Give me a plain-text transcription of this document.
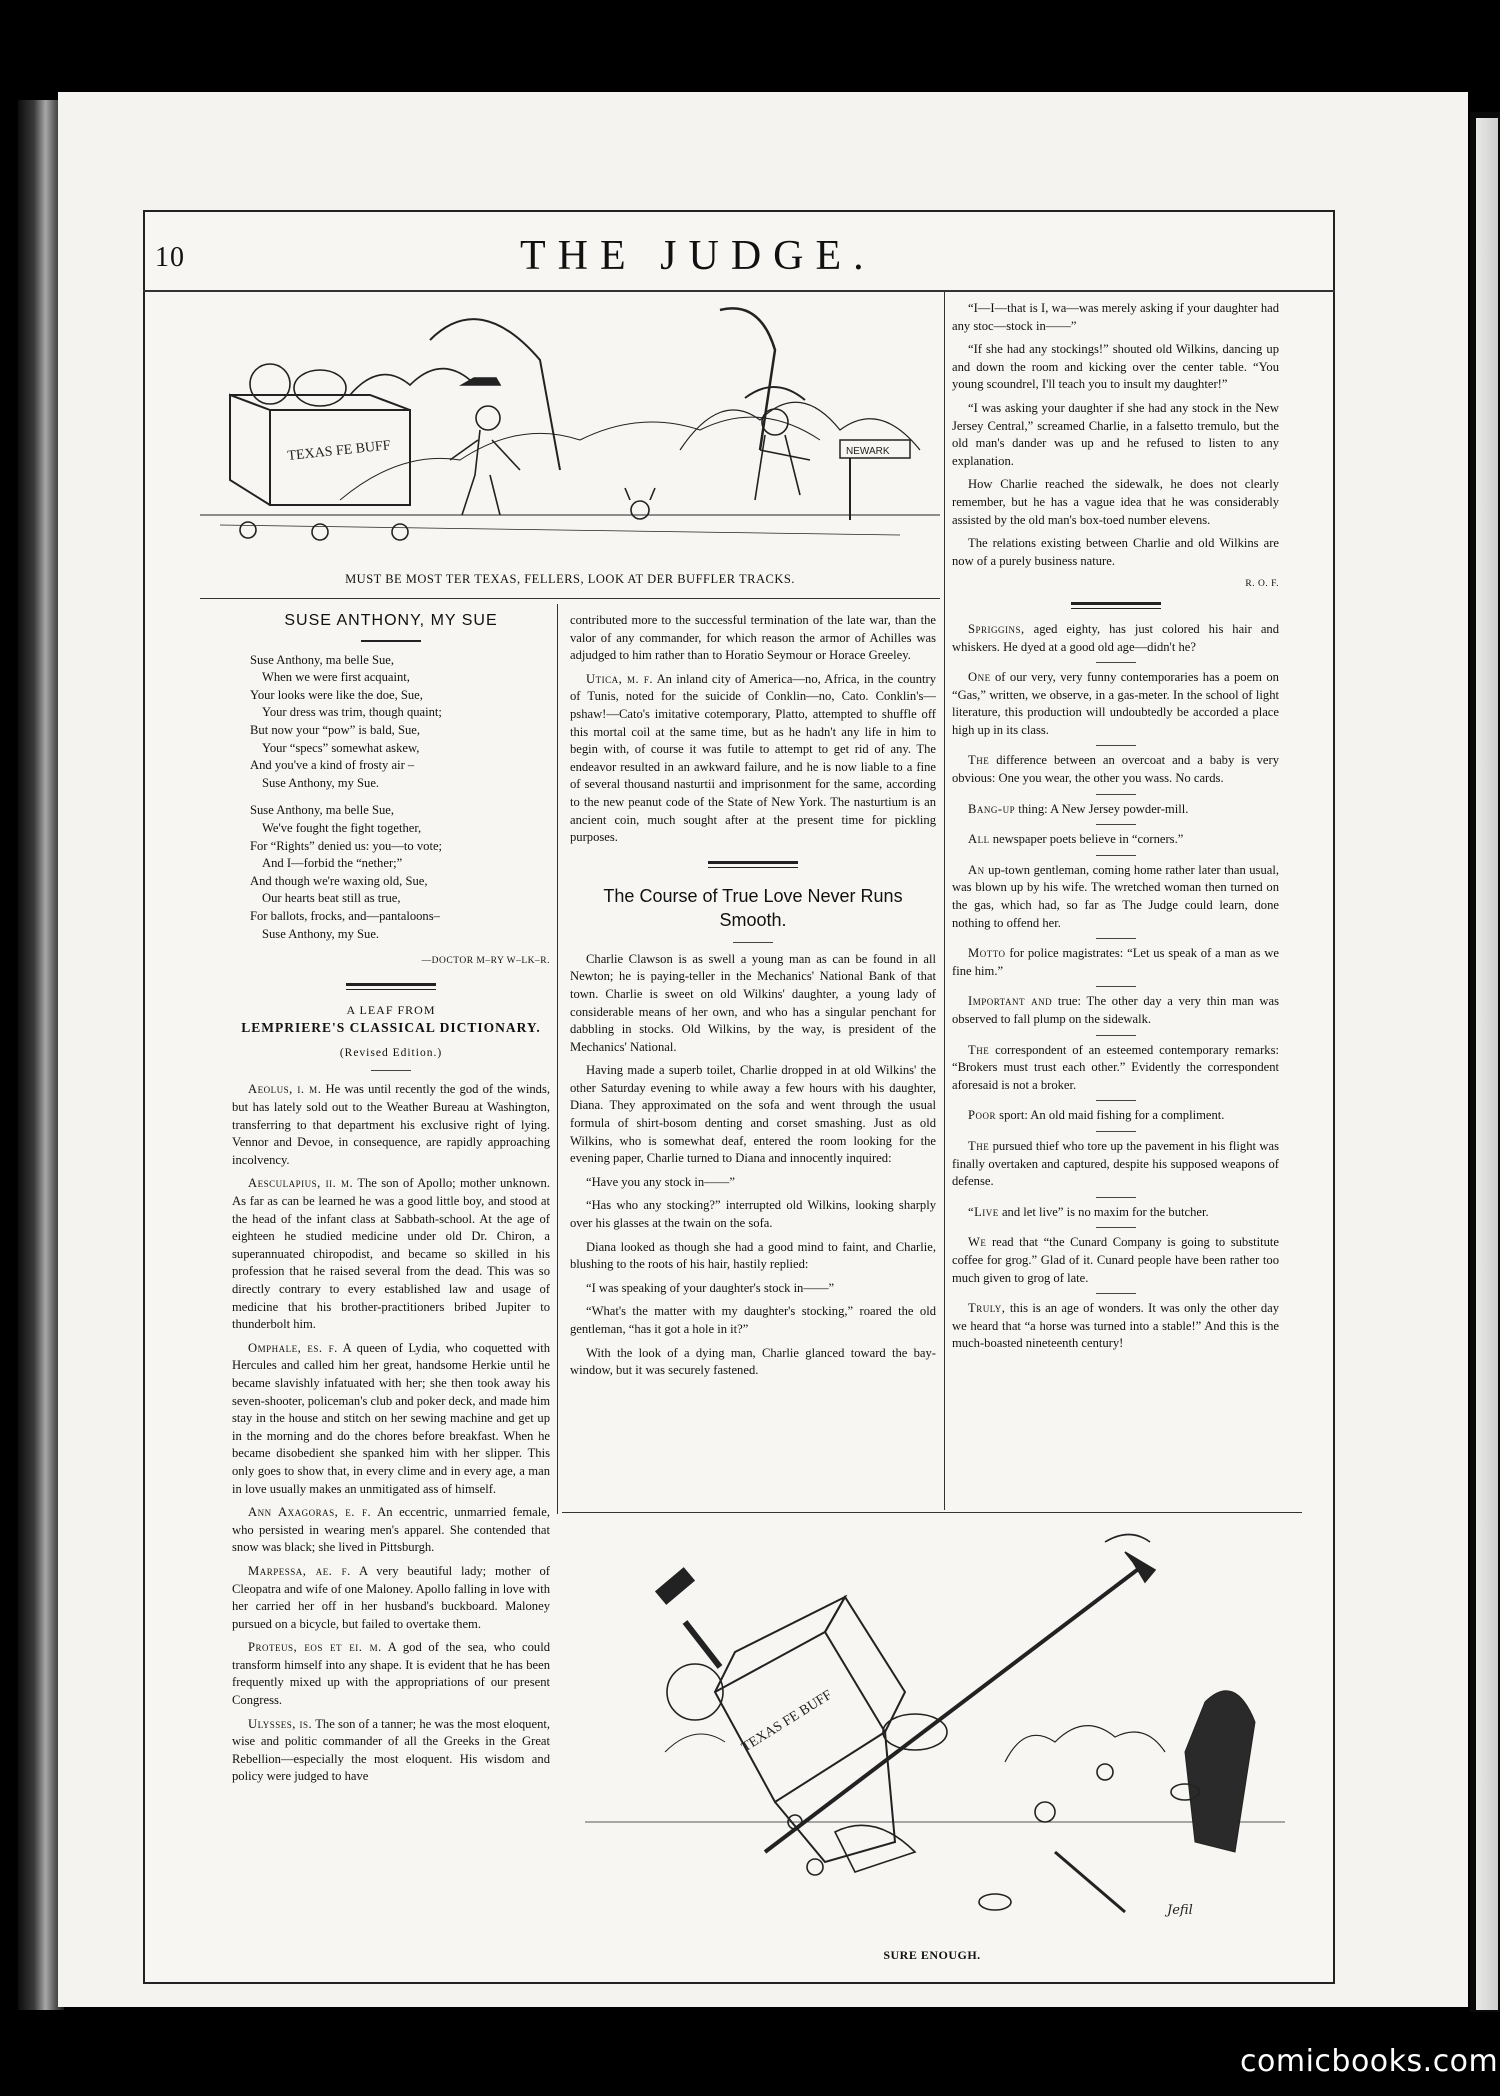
10	THE JUDGE.
TEXAS FE BUFF	NEWARK
MUST BE MOST TER TEXAS, FELLERS, LOOK AT DER BUFFLER TRACKS.
SUSE ANTHONY, MY SUE
Suse Anthony, ma belle Sue,
When we were first acquaint,
Your looks were like the doe, Sue,
Your dress was trim, though quaint;
But now your “pow” is bald, Sue,
Your “specs” somewhat askew,
And you've a kind of frosty air –
Suse Anthony, my Sue.
Suse Anthony, ma belle Sue,
We've fought the fight together,
For “Rights” denied us: you—to vote;
And I—forbid the “nether;”
And though we're waxing old, Sue,
Our hearts beat still as true,
For ballots, frocks, and—pantaloons–
Suse Anthony, my Sue.
—DOCTOR M–RY W–LK–R.
A LEAF FROM
LEMPRIERE'S CLASSICAL DICTIONARY.
(Revised Edition.)

Aeolus, i. m. He was until recently the god of the winds, but has lately sold out to the Weather Bureau at Washington, transferring to that department his exclusive right of lying. Vennor and Devoe, in consequence, are rapidly approaching incolvency.

Aesculapius, ii. m. The son of Apollo; mother unknown. As far as can be learned he was a good little boy, and stood at the head of the infant class at Sabbath-school. At the age of eighteen he studied medicine under old Dr. Chiron, a superannuated chiropodist, and became so skilled in his profession that he raised several from the dead. This was so directly contrary to every established law and usage of medicine that his brother-practitioners bribed Jupiter to thunderbolt him.

Omphale, es. f. A queen of Lydia, who coquetted with Hercules and called him her great, handsome Herkie until he became slavishly infatuated with her; she then took away his seven-shooter, policeman's club and poker deck, and made him stay in the house and stitch on her sewing machine and get up in the morning and do the chores before breakfast. When he became disobedient she spanked him with her slipper. This only goes to show that, in every clime and in every age, a man in love usually makes an unmitigated ass of himself.

Ann Axagoras, e. f. An eccentric, unmarried female, who persisted in wearing men's apparel. She contended that snow was black; she lived in Pittsburgh.

Marpessa, ae. f. A very beautiful lady; mother of Cleopatra and wife of one Maloney. Apollo falling in love with her carried her off in her husband's buckboard. Maloney pursued on a bicycle, but failed to overtake them.

Proteus, eos et ei. m. A god of the sea, who could transform himself into any shape. It is evident that he has been frequently mixed up with the appropriations of our present Congress.

Ulysses, is. The son of a tanner; he was the most eloquent, wise and politic commander of all the Greeks in the Great Rebellion—especially the most eloquent. His wisdom and policy were judged to have

contributed more to the successful termination of the late war, than the valor of any commander, for which reason the armor of Achilles was adjudged to him rather than to Horatio Seymour or Horace Greeley.

Utica, m. f. An inland city of America—no, Africa, in the country of Tunis, noted for the suicide of Conklin—no, Cato. Conklin's—pshaw!—Cato's imitative cotemporary, Platto, attempted to shuffle off this mortal coil at the same time, but as he hadn't any life in him to begin with, of course it was futile to attempt to get rid of any. The endeavor resulted in an awkward failure, and he is now liable to a fine of several thousand nasturtii and imprisonment for the same, according to the new peanut code of the State of New York. The nasturtium is an ancient coin, much sought after at the present time for pickling purposes.

The Course of True Love Never Runs Smooth.

Charlie Clawson is as swell a young man as can be found in all Newton; he is paying-teller in the Mechanics' National Bank of that town. Charlie is sweet on old Wilkins' daughter, a young lady of considerable means of her own, and who has a singular penchant for dabbling in stocks. Old Wilkins, by the way, is president of the Mechanics' National.

Having made a superb toilet, Charlie dropped in at old Wilkins' the other Saturday evening to while away a few hours with his daughter, Diana. They approximated on the sofa and went through the usual formula of shirt-bosom denting and corset smashing. Just as old Wilkins, who is somewhat deaf, entered the room looking for the evening paper, Charlie turned to Diana and innocently inquired:

“Have you any stock in——”

“Has who any stocking?” interrupted old Wilkins, looking sharply over his glasses at the twain on the sofa.

Diana looked as though she had a good mind to faint, and Charlie, blushing to the roots of his hair, hastily replied:

“I was speaking of your daughter's stock in——”

“What's the matter with my daughter's stocking,” roared the old gentleman, “has it got a hole in it?”

With the look of a dying man, Charlie glanced toward the bay-window, but it was securely fastened.

“I—I—that is I, wa—was merely asking if your daughter had any stoc—stock in——”

“If she had any stockings!” shouted old Wilkins, dancing up and down the room and kicking over the center table. “You young scoundrel, I'll teach you to insult my daughter!”

“I was asking your daughter if she had any stock in the New Jersey Central,” screamed Charlie, in a falsetto tremulo, but the old man's dander was up and he refused to listen to any explanation.

How Charlie reached the sidewalk, he does not clearly remember, but he has a vague idea that he was considerably assisted by the old man's box-toed number elevens.

The relations existing between Charlie and old Wilkins are now of a purely business nature.

R. O. F.

Spriggins, aged eighty, has just colored his hair and whiskers. He dyed at a good old age—didn't he?

One of our very, very funny contemporaries has a poem on “Gas,” written, we observe, in a gas-meter. In the school of light literature, this production will undoubtedly be accorded a place high up in its class.

The difference between an overcoat and a baby is very obvious: One you wear, the other you wass. No cards.

Bang-up thing: A New Jersey powder-mill.

All newspaper poets believe in “corners.”

An up-town gentleman, coming home rather later than usual, was blown up by his wife. The wretched woman then turned on the gas, which had, so far as The Judge could learn, done nothing to offend her.

Motto for police magistrates: “Let us speak of a man as we fine him.”

Important and true: The other day a very thin man was observed to fall plump on the sidewalk.

The correspondent of an esteemed contemporary remarks: “Brokers must trust each other.” Evidently the correspondent aforesaid is not a broker.

Poor sport: An old maid fishing for a compliment.

The pursued thief who tore up the pavement in his flight was finally overtaken and captured, despite his supposed weapons of defense.

“Live and let live” is no maxim for the butcher.

We read that “the Cunard Company is going to substitute coffee for grog.” Glad of it. Cunard people have been rather too much given to grog of late.

Truly, this is an age of wonders. It was only the other day we heard that “a horse was turned into a stable!” And this is the much-boasted nineteenth century!

TEXAS FE BUFF
Jefil
SURE ENOUGH.
comicbooks.com
